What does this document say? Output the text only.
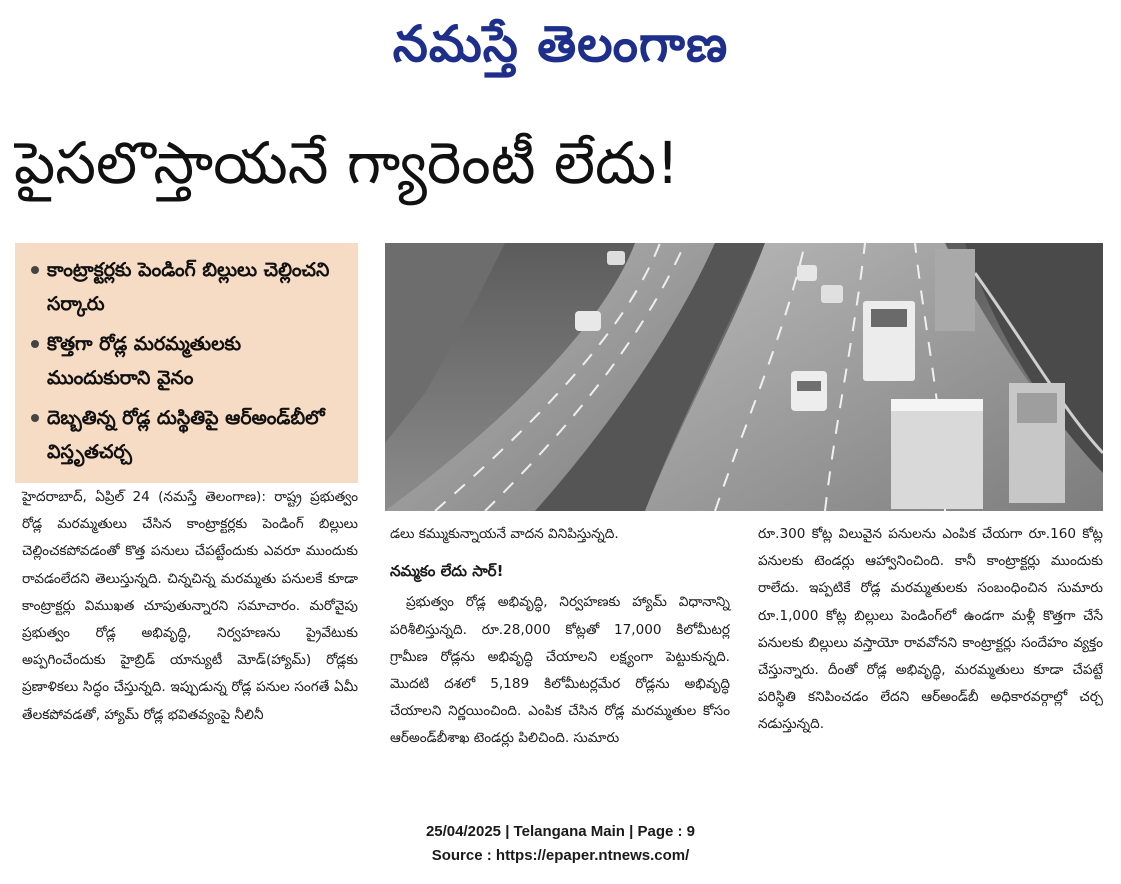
నమస్తే తెలంగాణ
పైసలొస్తాయనే గ్యారెంటీ లేదు!
కాంట్రాక్టర్లకు పెండింగ్ బిల్లులు చెల్లించని సర్కారు
కొత్తగా రోడ్ల మరమ్మతులకు ముందుకురాని వైనం
దెబ్బతిన్న రోడ్ల దుస్థితిపై ఆర్అండ్‌బీలో విస్తృతచర్చ
హైదరాబాద్, ఏప్రిల్ 24 (నమస్తే తెలంగాణ): రాష్ట్ర ప్రభుత్వం రోడ్ల మరమ్మతులు చేసిన కాంట్రాక్టర్లకు పెండింగ్ బిల్లులు చెల్లించకపోవడంతో కొత్త పనులు చేపట్టేందుకు ఎవరూ ముందుకు రావడంలేదని తెలుస్తున్నది. చిన్నచిన్న మరమ్మతు పనులకే కూడా కాంట్రాక్టర్లు విముఖత చూపుతున్నారని సమాచారం. మరోవైపు ప్రభుత్వం రోడ్ల అభివృద్ధి, నిర్వహణను ప్రైవేటుకు అప్పగించేందుకు హైబ్రిడ్ యాన్యుటీ మోడ్(హ్యామ్) రోడ్లకు ప్రణాళికలు సిద్ధం చేస్తున్నది. ఇప్పుడున్న రోడ్ల పనుల సంగతే ఏమీ తేలకపోవడతో, హ్యామ్ రోడ్ల భవితవ్యంపై నీలినీ
డలు కమ్ముకున్నాయనే వాదన వినిపిస్తున్నది.
నమ్మకం లేదు సార్!
ప్రభుత్వం రోడ్ల అభివృద్ధి, నిర్వహణకు హ్యామ్ విధానాన్ని పరిశీలిస్తున్నది. రూ.28,000 కోట్లతో 17,000 కిలోమీటర్ల గ్రామీణ రోడ్లను అభివృద్ధి చేయాలని లక్ష్యంగా పెట్టుకున్నది. మొదటి దశలో 5,189 కిలోమీటర్లమేర రోడ్లను అభివృద్ధి చేయాలని నిర్ణయించింది. ఎంపిక చేసిన రోడ్ల మరమ్మతుల కోసం ఆర్అండ్‌బీశాఖ టెండర్లు పిలిచింది. సుమారు
రూ.300 కోట్ల విలువైన పనులను ఎంపిక చేయగా రూ.160 కోట్ల పనులకు టెండర్లు ఆహ్వానించింది. కానీ కాంట్రాక్టర్లు ముందుకు రాలేదు. ఇప్పటికే రోడ్ల మరమ్మతులకు సంబంధించిన సుమారు రూ.1,000 కోట్ల బిల్లులు పెండింగ్‌లో ఉండగా మళ్లీ కొత్తగా చేసే పనులకు బిల్లులు వస్తాయో రావవోనని కాంట్రాక్టర్లు సందేహం వ్యక్తం చేస్తున్నారు. దీంతో రోడ్ల అభివృద్ధి, మరమ్మతులు కూడా చేపట్టే పరిస్థితి కనిపించడం లేదని ఆర్అండ్‌బీ అధికారవర్గాల్లో చర్చ నడుస్తున్నది.
25/04/2025 | Telangana Main | Page : 9
Source : https://epaper.ntnews.com/
